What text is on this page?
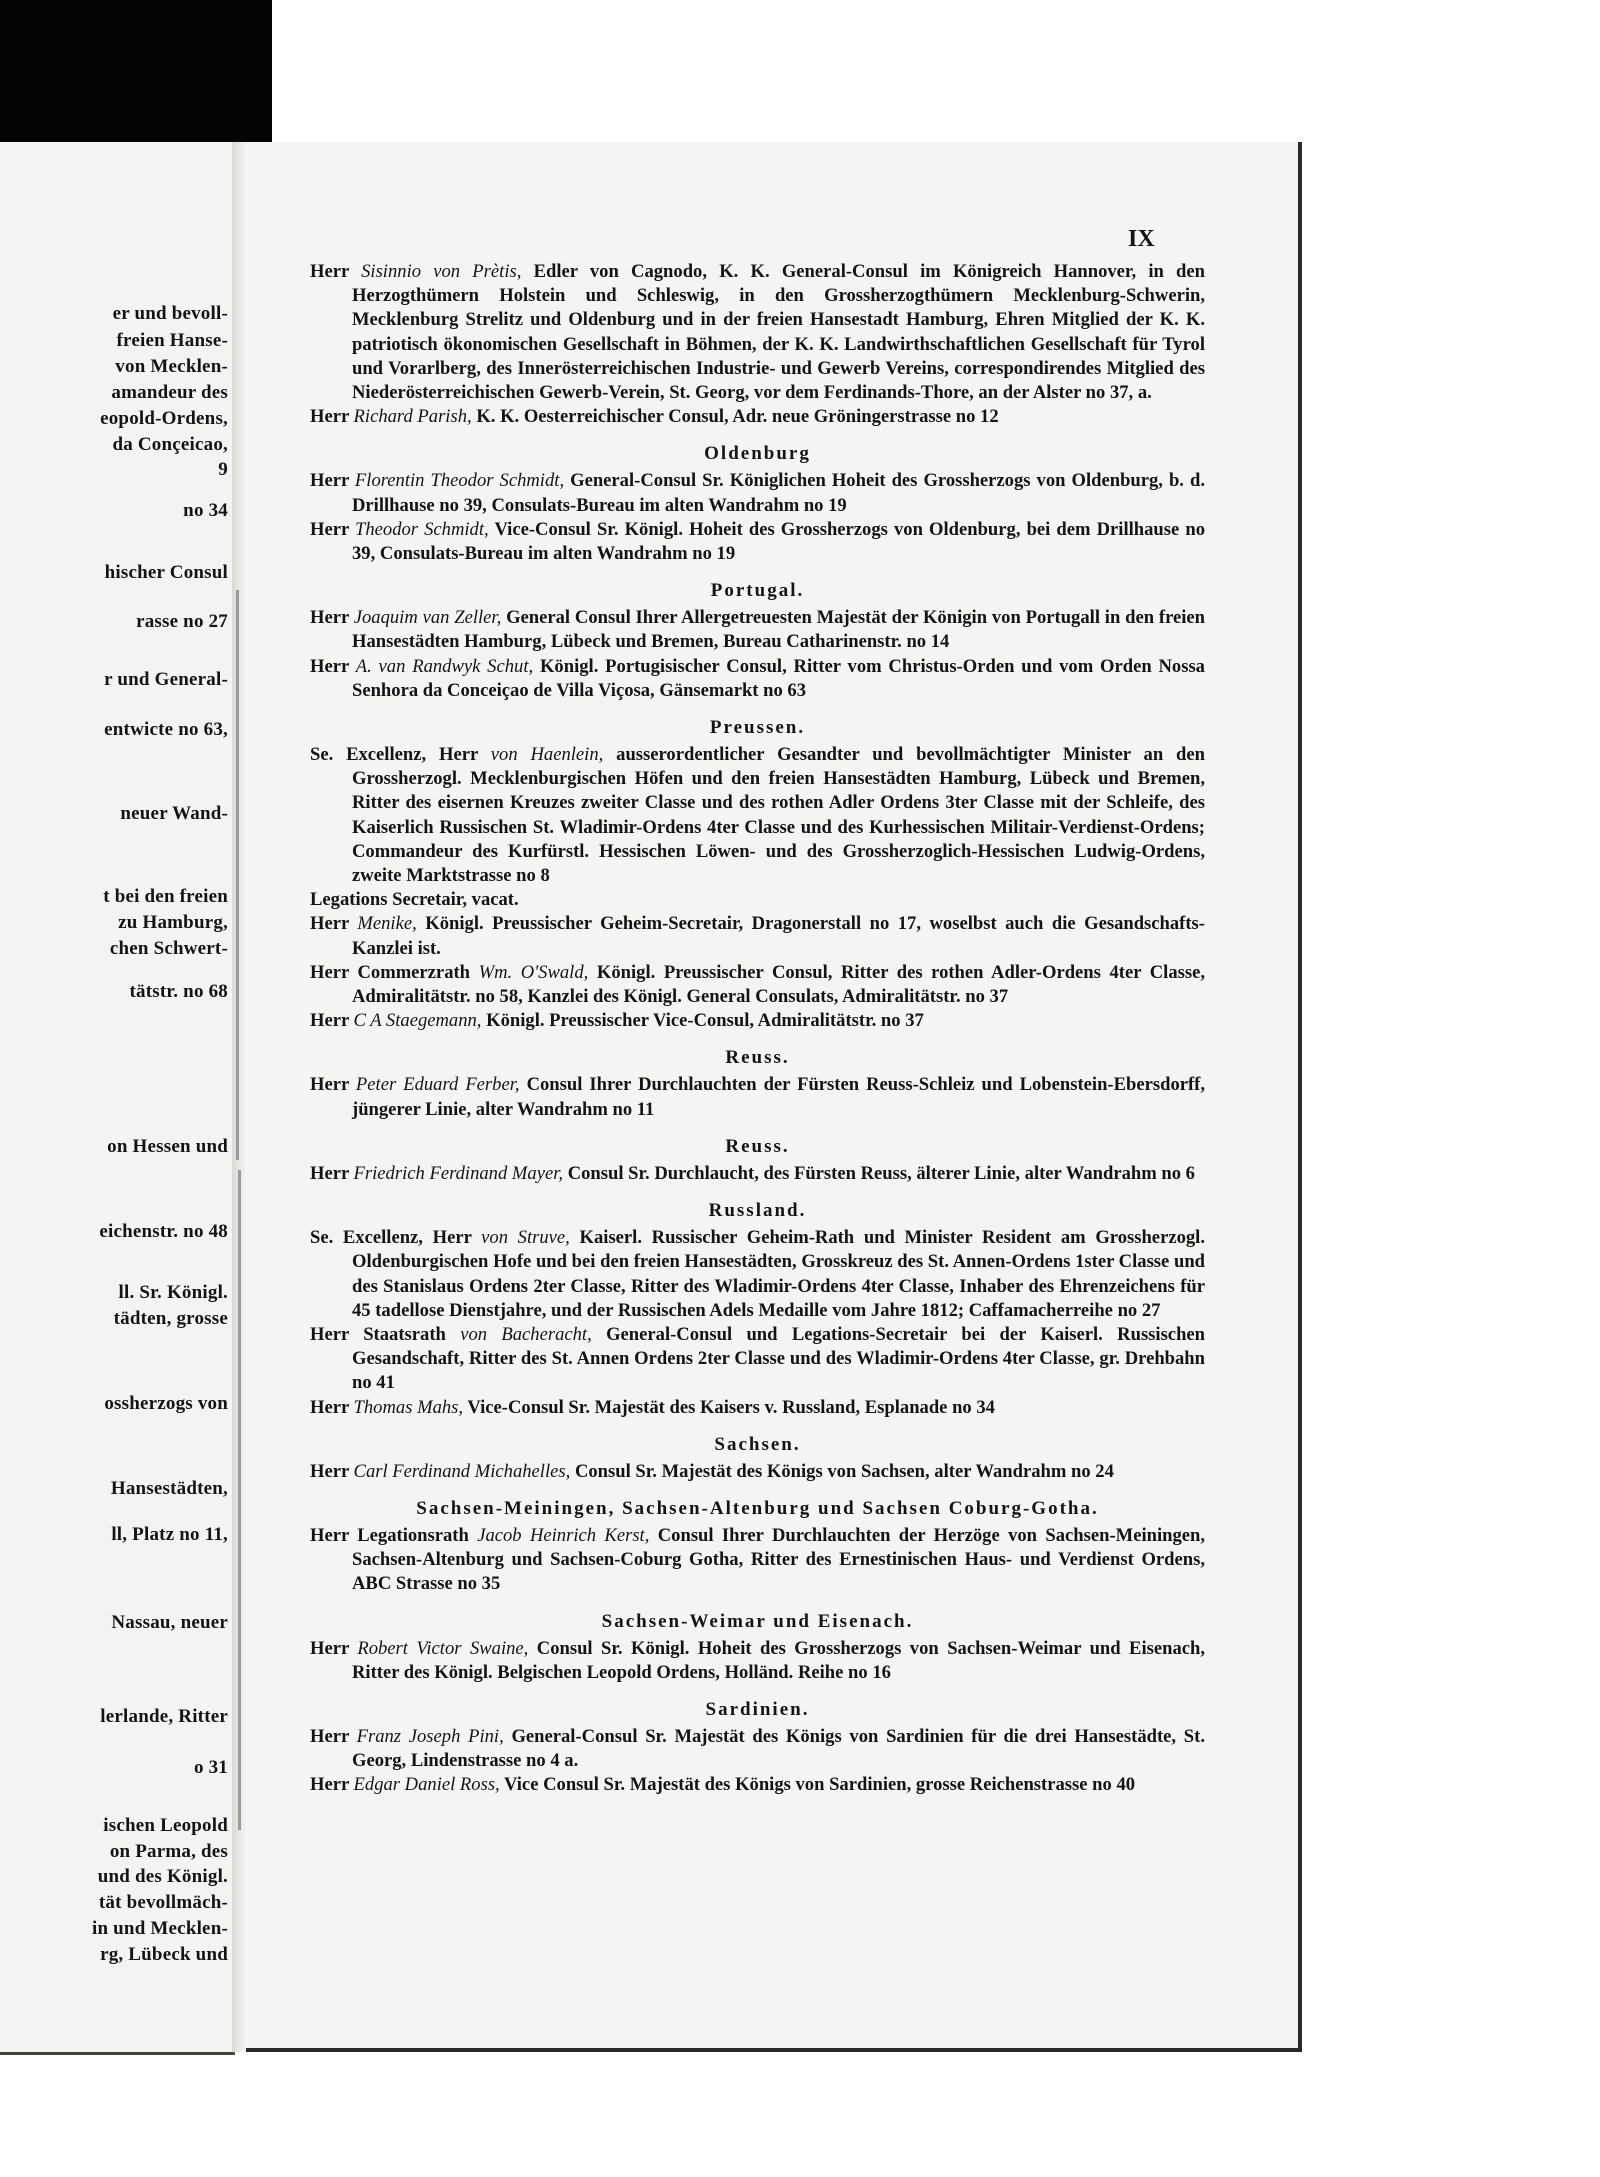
er und bevoll-
freien Hanse-
von Mecklen-
amandeur des
eopold-Ordens,
da Conçeicao,
9
no 34
hischer Consul
rasse no 27
r und General-
entwicte no 63,
neuer Wand-
t bei den freien
zu Hamburg,
chen Schwert-
tätstr. no 68
on Hessen und
eichenstr. no 48
ll. Sr. Königl.
tädten, grosse
ossherzogs von
Hansestädten,
ll, Platz no 11,
Nassau, neuer
lerlande, Ritter
o 31
ischen Leopold
on Parma, des
und des Königl.
tät bevollmäch-
in und Mecklen-
rg, Lübeck und
IX

Herr Sisinnio von Prètis, Edler von Cagnodo, K. K. General-Consul im Königreich Hannover, in den Herzogthümern Holstein und Schleswig, in den Grossherzogthümern Mecklenburg-Schwerin, Mecklenburg Strelitz und Oldenburg und in der freien Hansestadt Hamburg, Ehren Mitglied der K. K. patriotisch ökonomischen Gesellschaft in Böhmen, der K. K. Landwirthschaftlichen Gesellschaft für Tyrol und Vorarlberg, des Innerösterreichischen Industrie- und Gewerb Vereins, correspondirendes Mitglied des Niederösterreichischen Gewerb-Verein, St. Georg, vor dem Ferdinands-Thore, an der Alster no 37, a.

Herr Richard Parish, K. K. Oesterreichischer Consul, Adr. neue Gröningerstrasse no 12

Oldenburg

Herr Florentin Theodor Schmidt, General-Consul Sr. Königlichen Hoheit des Grossherzogs von Oldenburg, b. d. Drillhause no 39, Consulats-Bureau im alten Wandrahm no 19

Herr Theodor Schmidt, Vice-Consul Sr. Königl. Hoheit des Grossherzogs von Oldenburg, bei dem Drillhause no 39, Consulats-Bureau im alten Wandrahm no 19

Portugal.

Herr Joaquim van Zeller, General Consul Ihrer Allergetreuesten Majestät der Königin von Portugall in den freien Hansestädten Hamburg, Lübeck und Bremen, Bureau Catharinenstr. no 14

Herr A. van Randwyk Schut, Königl. Portugisischer Consul, Ritter vom Christus-Orden und vom Orden Nossa Senhora da Conceiçao de Villa Viçosa, Gänsemarkt no 63

Preussen.

Se. Excellenz, Herr von Haenlein, ausserordentlicher Gesandter und bevollmächtigter Minister an den Grossherzogl. Mecklenburgischen Höfen und den freien Hansestädten Hamburg, Lübeck und Bremen, Ritter des eisernen Kreuzes zweiter Classe und des rothen Adler Ordens 3ter Classe mit der Schleife, des Kaiserlich Russischen St. Wladimir-Ordens 4ter Classe und des Kurhessischen Militair-Verdienst-Ordens; Commandeur des Kurfürstl. Hessischen Löwen- und des Grossherzoglich-Hessischen Ludwig-Ordens, zweite Marktstrasse no 8

Legations Secretair, vacat.

Herr Menike, Königl. Preussischer Geheim-Secretair, Dragonerstall no 17, woselbst auch die Gesandschafts-Kanzlei ist.

Herr Commerzrath Wm. O'Swald, Königl. Preussischer Consul, Ritter des rothen Adler-Ordens 4ter Classe, Admiralitätstr. no 58, Kanzlei des Königl. General Consulats, Admiralitätstr. no 37

Herr C A Staegemann, Königl. Preussischer Vice-Consul, Admiralitätstr. no 37

Reuss.

Herr Peter Eduard Ferber, Consul Ihrer Durchlauchten der Fürsten Reuss-Schleiz und Lobenstein-Ebersdorff, jüngerer Linie, alter Wandrahm no 11

Reuss.

Herr Friedrich Ferdinand Mayer, Consul Sr. Durchlaucht, des Fürsten Reuss, älterer Linie, alter Wandrahm no 6

Russland.

Se. Excellenz, Herr von Struve, Kaiserl. Russischer Geheim-Rath und Minister Resident am Grossherzogl. Oldenburgischen Hofe und bei den freien Hansestädten, Grosskreuz des St. Annen-Ordens 1ster Classe und des Stanislaus Ordens 2ter Classe, Ritter des Wladimir-Ordens 4ter Classe, Inhaber des Ehrenzeichens für 45 tadellose Dienstjahre, und der Russischen Adels Medaille vom Jahre 1812; Caffamacherreihe no 27

Herr Staatsrath von Bacheracht, General-Consul und Legations-Secretair bei der Kaiserl. Russischen Gesandschaft, Ritter des St. Annen Ordens 2ter Classe und des Wladimir-Ordens 4ter Classe, gr. Drehbahn no 41

Herr Thomas Mahs, Vice-Consul Sr. Majestät des Kaisers v. Russland, Esplanade no 34

Sachsen.

Herr Carl Ferdinand Michahelles, Consul Sr. Majestät des Königs von Sachsen, alter Wandrahm no 24

Sachsen-Meiningen, Sachsen-Altenburg und Sachsen Coburg-Gotha.

Herr Legationsrath Jacob Heinrich Kerst, Consul Ihrer Durchlauchten der Herzöge von Sachsen-Meiningen, Sachsen-Altenburg und Sachsen-Coburg Gotha, Ritter des Ernestinischen Haus- und Verdienst Ordens, ABC Strasse no 35

Sachsen-Weimar und Eisenach.

Herr Robert Victor Swaine, Consul Sr. Königl. Hoheit des Grossherzogs von Sachsen-Weimar und Eisenach, Ritter des Königl. Belgischen Leopold Ordens, Holländ. Reihe no 16

Sardinien.

Herr Franz Joseph Pini, General-Consul Sr. Majestät des Königs von Sardinien für die drei Hansestädte, St. Georg, Lindenstrasse no 4 a.

Herr Edgar Daniel Ross, Vice Consul Sr. Majestät des Königs von Sardinien, grosse Reichenstrasse no 40
